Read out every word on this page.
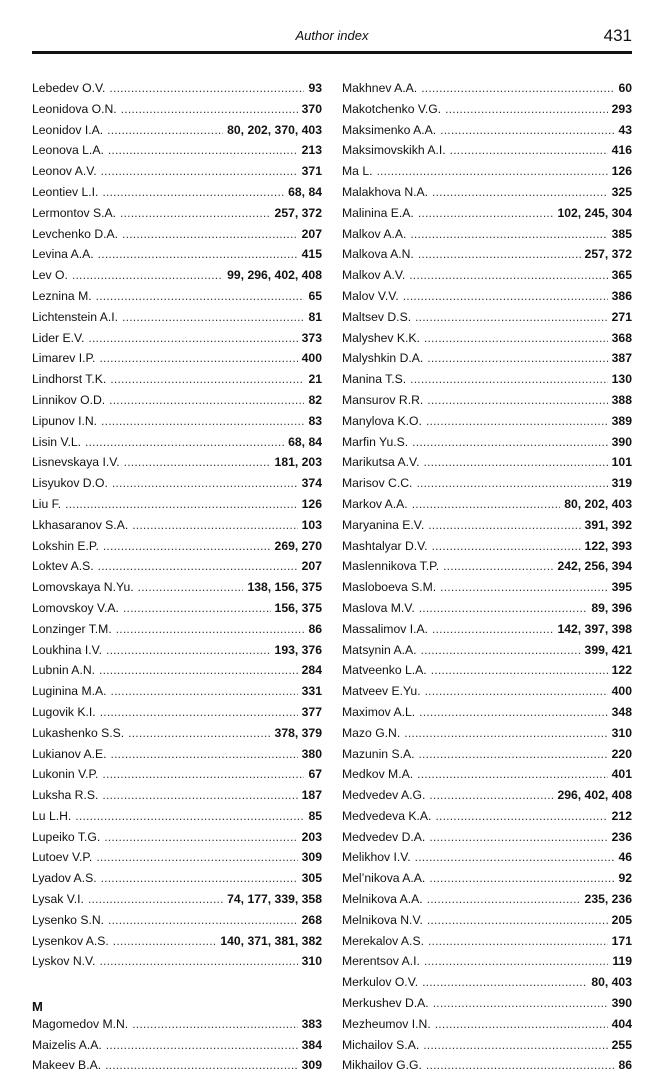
Author index	431
Lebedev O.V. . . .	93
Leonidova O.N. . . .	370
Leonidov I.A. . . .	80, 202, 370, 403
Leonova L.A. . . .	213
Leonov A.V. . . .	371
Leontiev L.I. . . .	68, 84
Lermontov S.A. . . .	257, 372
Levchenko D.A. . . .	207
Levina A.A. . . .	415
Lev O. . . .	99, 296, 402, 408
Leznina M. . . .	65
Lichtenstein A.I. . . .	81
Lider E.V. . . .	373
Limarev I.P. . . .	400
Lindhorst T.K. . . .	21
Linnikov O.D. . . .	82
Lipunov I.N. . . .	83
Lisin V.L. . . .	68, 84
Lisnevskaya I.V. . . .	181, 203
Lisyukov D.O. . . .	374
Liu F. . . .	126
Lkhasaranov S.A. . . .	103
Lokshin E.P. . . .	269, 270
Loktev A.S. . . .	207
Lomovskaya N.Yu. . . .	138, 156, 375
Lomovskoy V.A. . . .	156, 375
Lonzinger T.M. . . .	86
Loukhina I.V. . . .	193, 376
Lubnin A.N. . . .	284
Luginina M.A. . . .	331
Lugovik K.I. . . .	377
Lukashenko S.S. . . .	378, 379
Lukianov A.E. . . .	380
Lukonin V.P. . . .	67
Luksha R.S. . . .	187
Lu L.H. . . .	85
Lupeiko T.G. . . .	203
Lutoev V.P. . . .	309
Lyadov A.S. . . .	305
Lysak V.I. . . .	74, 177, 339, 358
Lysenko S.N. . . .	268
Lysenkov A.S. . . .	140, 371, 381, 382
Lyskov N.V. . . .	310
M
Magomedov M.N. . . .	383
Maizelis A.A. . . .	384
Makeev B.A. . . .	309
Makhnev A.A. . . .	60
Makotchenko V.G. . . .	293
Maksimenko A.A. . . .	43
Maksimovskikh A.I. . . .	416
Ma L. . . .	126
Malakhova N.A. . . .	325
Malinina E.A. . . .	102, 245, 304
Malkov A.A. . . .	385
Malkova A.N. . . .	257, 372
Malkov A.V. . . .	365
Malov V.V. . . .	386
Maltsev D.S. . . .	271
Malyshev K.K. . . .	368
Malyshkin D.A. . . .	387
Manina T.S. . . .	130
Mansurov R.R. . . .	388
Manylova K.O. . . .	389
Marfin Yu.S. . . .	390
Marikutsa A.V. . . .	101
Marisov C.C. . . .	319
Markov A.A. . . .	80, 202, 403
Maryanina E.V. . . .	391, 392
Mashtalyar D.V. . . .	122, 393
Maslennikova T.P. . . .	242, 256, 394
Masloboeva S.M. . . .	395
Maslova M.V. . . .	89, 396
Massalimov I.A. . . .	142, 397, 398
Matsynin A.A. . . .	399, 421
Matveenko L.A. . . .	122
Matveev E.Yu. . . .	400
Maximov A.L. . . .	348
Mazo G.N. . . .	310
Mazunin S.A. . . .	220
Medkov M.A. . . .	401
Medvedev A.G. . . .	296, 402, 408
Medvedeva K.A. . . .	212
Medvedev D.A. . . .	236
Melikhov I.V. . . .	46
Mel’nikova A.A. . . .	92
Melnikova A.A. . . .	235, 236
Melnikova N.V. . . .	205
Merekalov A.S. . . .	171
Merentsov A.I. . . .	119
Merkulov O.V. . . .	80, 403
Merkushev D.A. . . .	390
Mezheumov I.N. . . .	404
Michailov S.A. . . .	255
Mikhailov G.G. . . .	86
